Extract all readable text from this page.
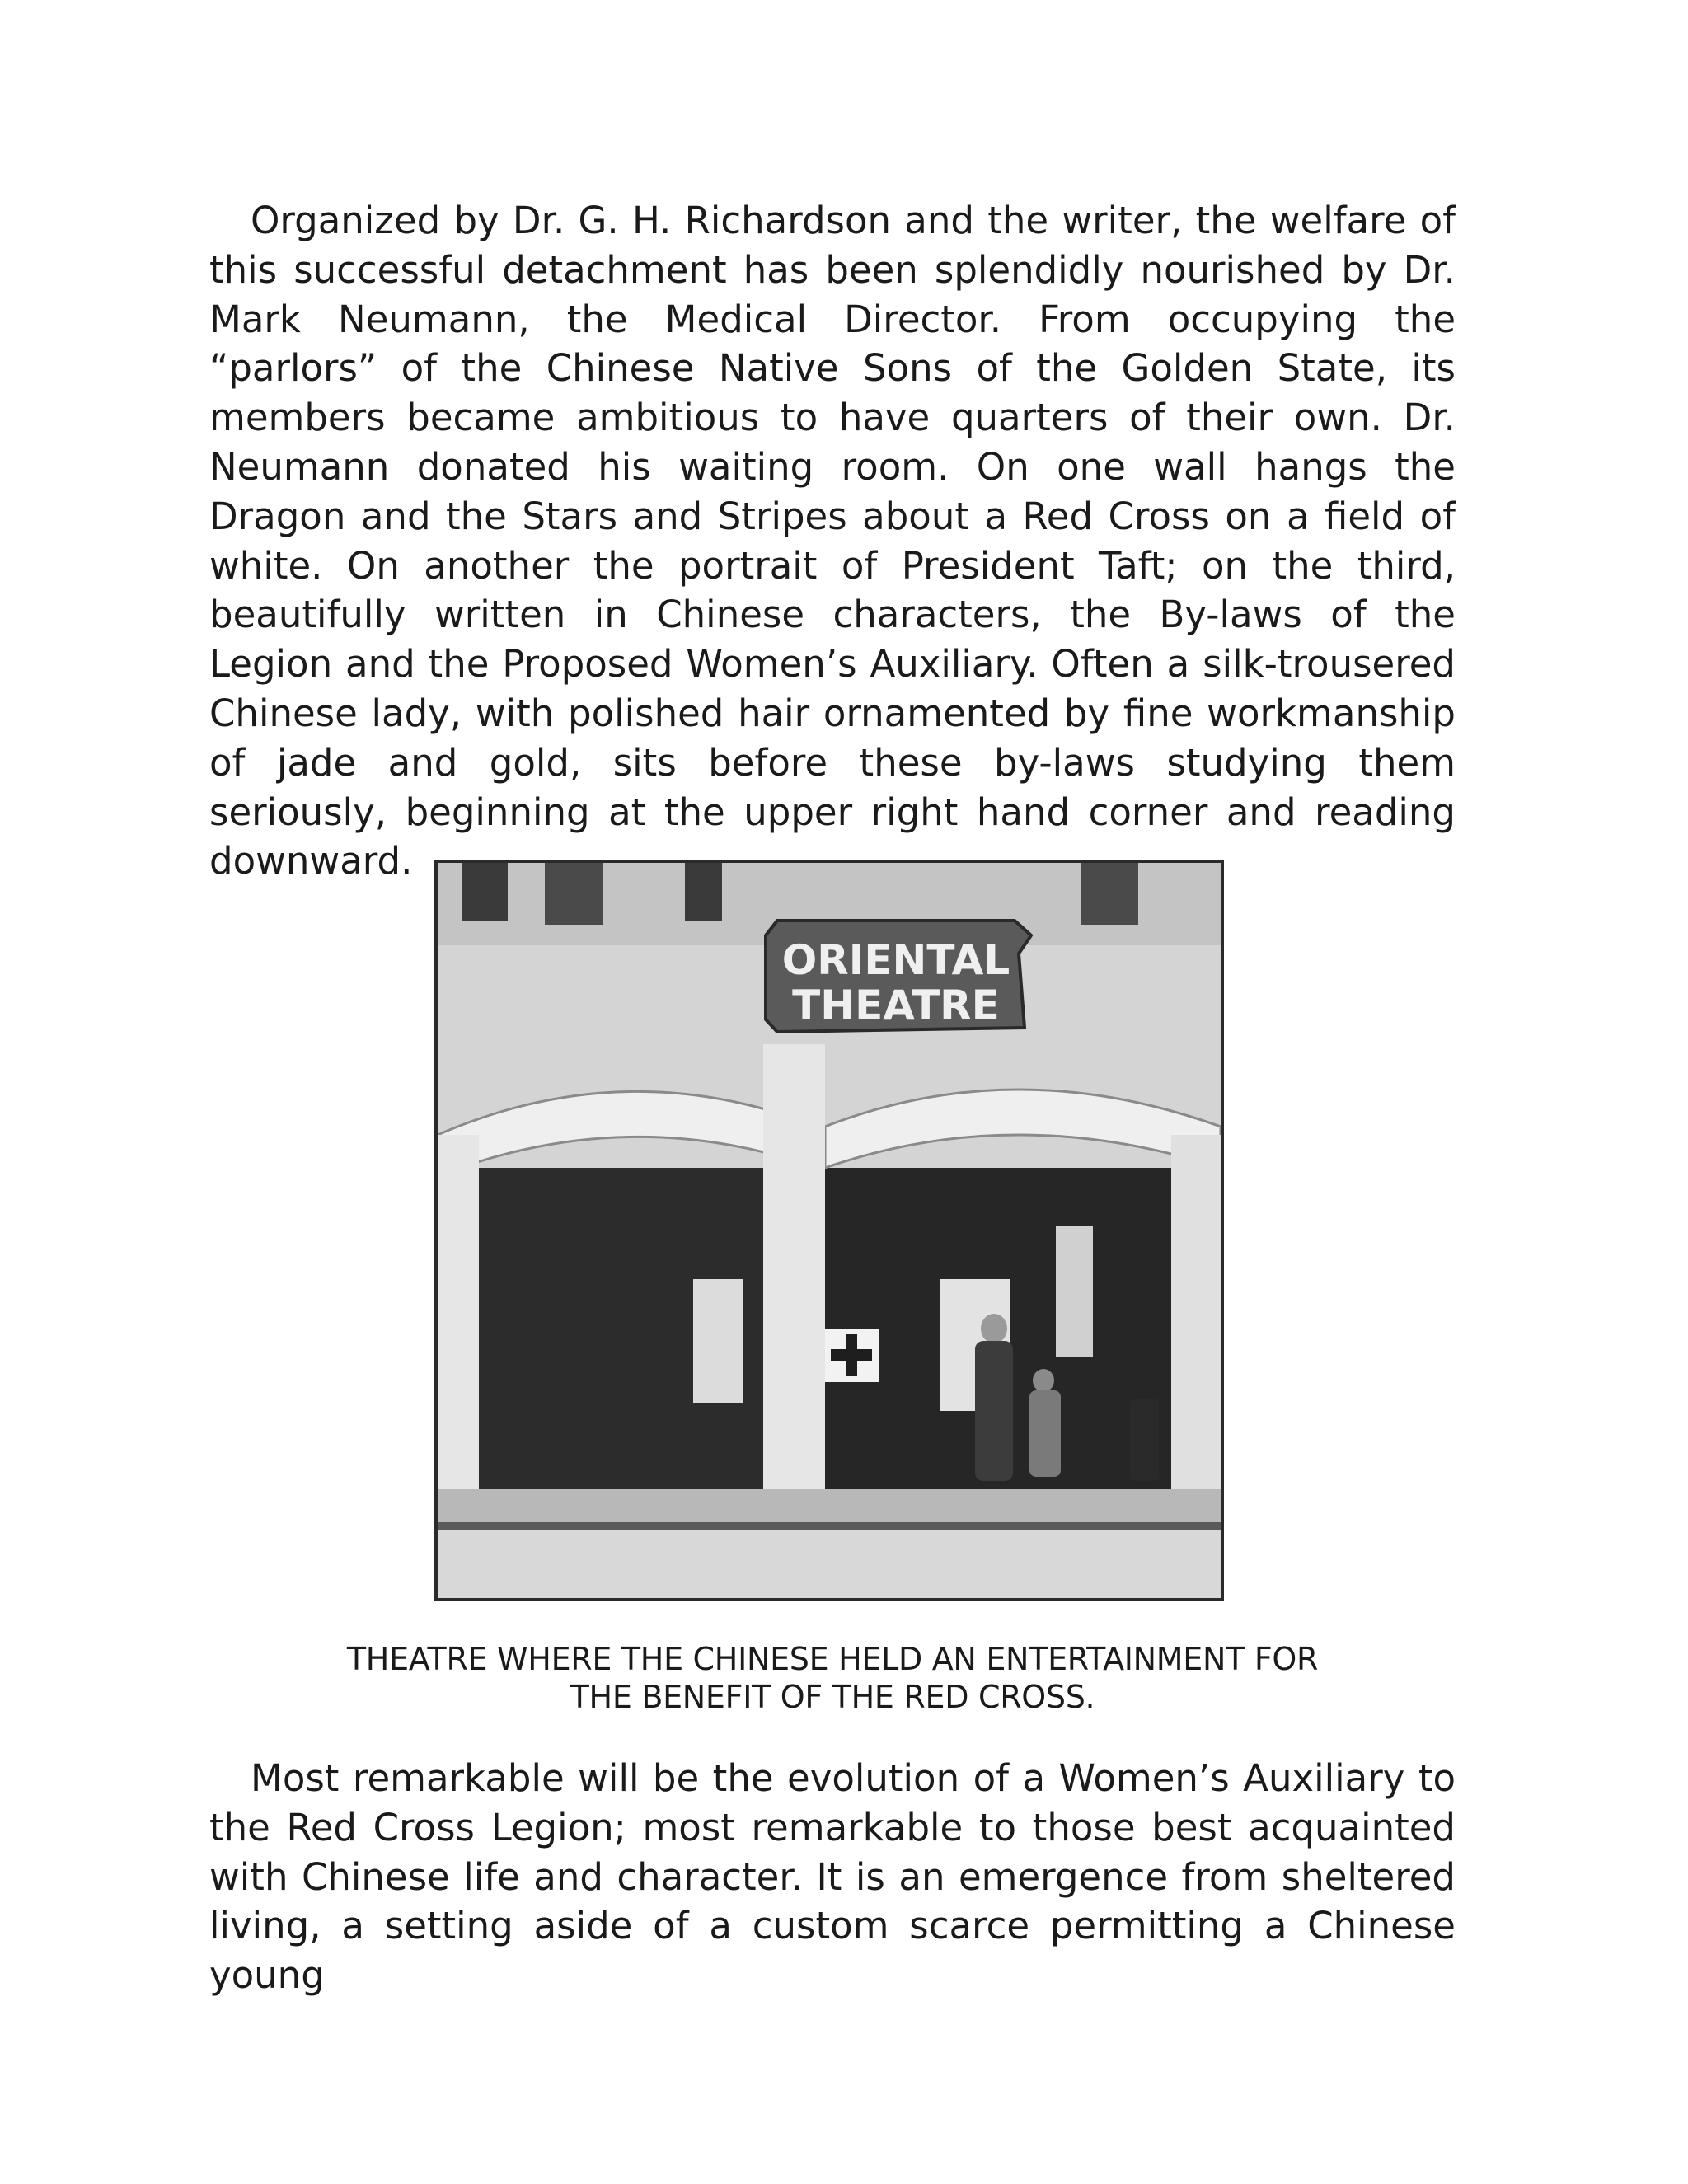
Organized by Dr. G. H. Richardson and the writer, the welfare of this successful detachment has been splendidly nourished by Dr. Mark Neumann, the Medical Director. From occupying the “parlors” of the Chinese Native Sons of the Golden State, its members became ambitious to have quarters of their own. Dr. Neumann donated his waiting room. On one wall hangs the Dragon and the Stars and Stripes about a Red Cross on a field of white. On another the portrait of President Taft; on the third, beautifully written in Chinese characters, the By-laws of the Legion and the Proposed Women’s Auxiliary. Often a silk-trousered Chinese lady, with polished hair ornamented by fine workmanship of jade and gold, sits before these by-laws studying them seriously, beginning at the upper right hand corner and reading downward.

ORIENTAL
THEATRE
THEATRE WHERE THE CHINESE HELD AN ENTERTAINMENT FOR
THE BENEFIT OF THE RED CROSS.

Most remarkable will be the evolution of a Women’s Auxiliary to the Red Cross Legion; most remarkable to those best acquainted with Chinese life and character. It is an emergence from sheltered living, a setting aside of a custom scarce permitting a Chinese young
